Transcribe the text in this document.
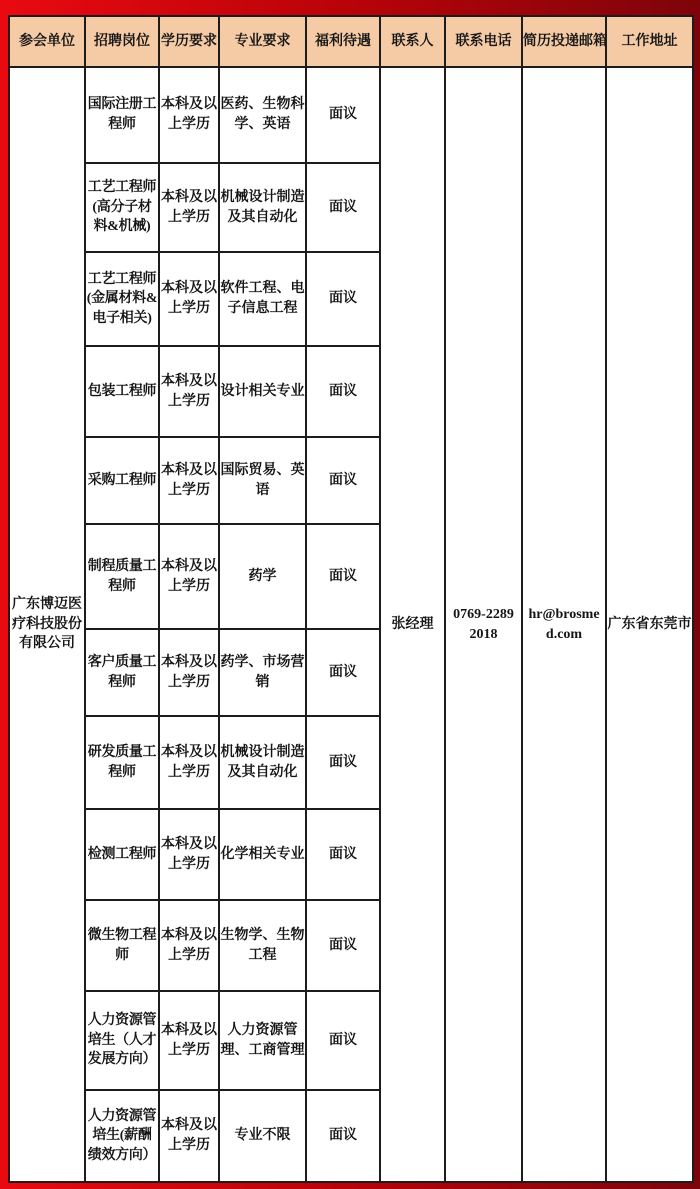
参会单位	招聘岗位	学历要求	专业要求	福利待遇	联系人	联系电话	简历投递邮箱	工作地址
广东博迈医疗科技股份有限公司	国际注册工程师	本科及以上学历	医药、生物科学、英语	面议	张经理	0769-22892018	hr@brosmed.com	广东省东莞市
	工艺工程师(高分子材料&机械)	本科及以上学历	机械设计制造及其自动化	面议				
	工艺工程师(金属材料&电子相关)	本科及以上学历	软件工程、电子信息工程	面议				
	包装工程师	本科及以上学历	设计相关专业	面议				
	采购工程师	本科及以上学历	国际贸易、英语	面议				
	制程质量工程师	本科及以上学历	药学	面议				
	客户质量工程师	本科及以上学历	药学、市场营销	面议				
	研发质量工程师	本科及以上学历	机械设计制造及其自动化	面议				
	检测工程师	本科及以上学历	化学相关专业	面议				
	微生物工程师	本科及以上学历	生物学、生物工程	面议				
	人力资源管培生（人才发展方向）	本科及以上学历	人力资源管理、工商管理	面议				
	人力资源管培生(薪酬绩效方向）	本科及以上学历	专业不限	面议				
